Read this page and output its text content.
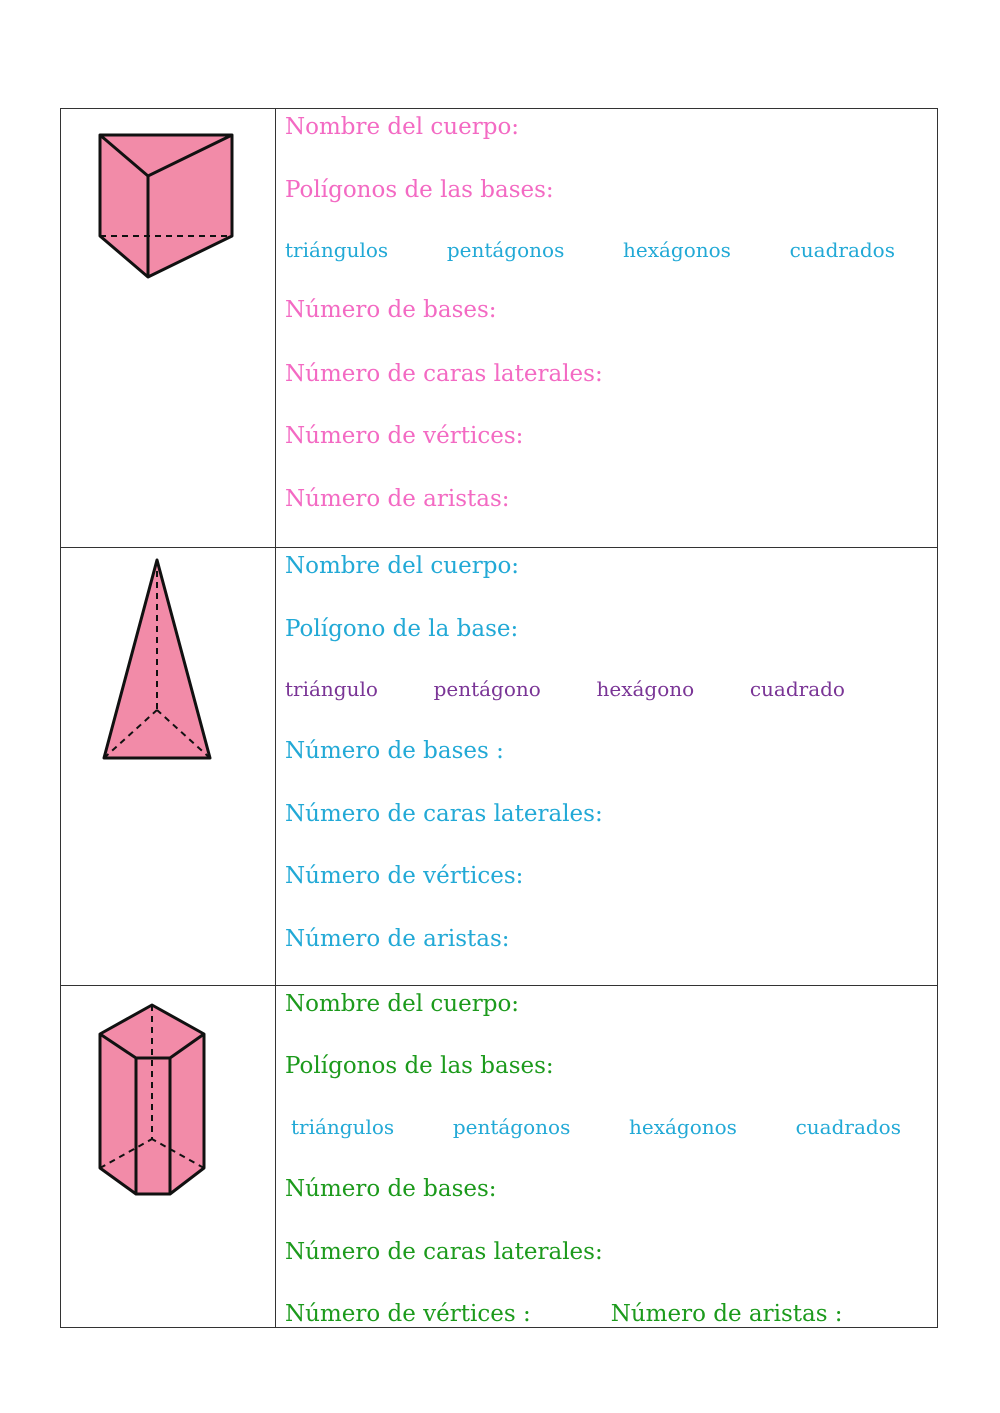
Nombre del cuerpo:
Polígonos de las bases:
triángulos	pentágonos	hexágonos	cuadrados
Número de bases:
Número de caras laterales:
Número de vértices:
Número de aristas:
Nombre del cuerpo:
Polígono de la base:
triángulo	pentágono	hexágono	cuadrado
Número de bases :
Número de caras laterales:
Número de vértices:
Número de aristas:
Nombre del cuerpo:
Polígonos de las bases:
triángulos	pentágonos	hexágonos	cuadrados
Número de bases:
Número de caras laterales:
Número de vértices :	Número de aristas :
